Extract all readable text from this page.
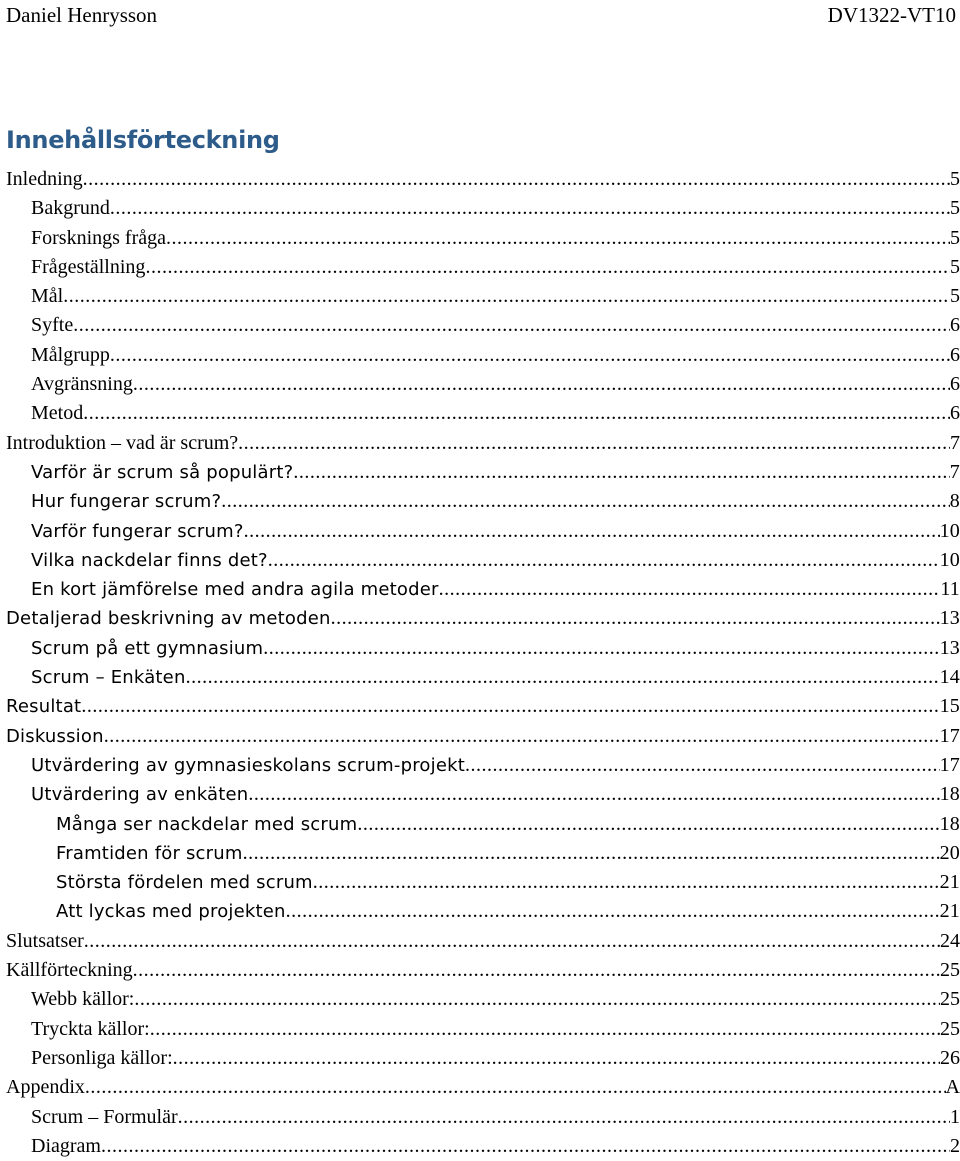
Daniel Henrysson	DV1322-VT10
Innehållsförteckning
Inledning .....	5
Bakgrund .....	5
Forsknings fråga .....	5
Frågeställning .....	5
Mål .....	5
Syfte .....	6
Målgrupp .....	6
Avgränsning .....	6
Metod .....	6
Introduktion – vad är scrum? .....	7
Varför är scrum så populärt? .....	7
Hur fungerar scrum? .....	8
Varför fungerar scrum? .....	10
Vilka nackdelar finns det? .....	10
En kort jämförelse med andra agila metoder .....	11
Detaljerad beskrivning av metoden .....	13
Scrum på ett gymnasium .....	13
Scrum – Enkäten .....	14
Resultat .....	15
Diskussion .....	17
Utvärdering av gymnasieskolans scrum-projekt .....	17
Utvärdering av enkäten .....	18
Många ser nackdelar med scrum .....	18
Framtiden för scrum .....	20
Största fördelen med scrum .....	21
Att lyckas med projekten .....	21
Slutsatser .....	24
Källförteckning .....	25
Webb källor: .....	25
Tryckta källor: .....	25
Personliga källor: .....	26
Appendix .....	A
Scrum – Formulär .....	1
Diagram .....	2
